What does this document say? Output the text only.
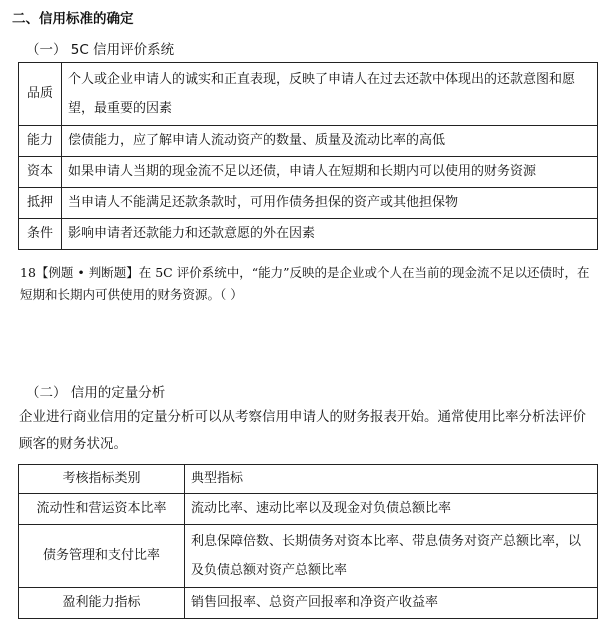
二、信用标准的确定
（一） 5C 信用评价系统
品质	个人或企业申请人的诚实和正直表现，反映了申请人在过去还款中体现出的还款意图和愿望，最重要的因素
能力	偿债能力，应了解申请人流动资产的数量、质量及流动比率的高低
资本	如果申请人当期的现金流不足以还债，申请人在短期和长期内可以使用的财务资源
抵押	当申请人不能满足还款条款时，可用作债务担保的资产或其他担保物
条件	影响申请者还款能力和还款意愿的外在因素
18【例题 • 判断题】在 5C 评价系统中，“能力”反映的是企业或个人在当前的现金流不足以还债时，在短期和长期内可供使用的财务资源。（ ）
（二） 信用的定量分析
企业进行商业信用的定量分析可以从考察信用申请人的财务报表开始。通常使用比率分析法评价顾客的财务状况。
考核指标类别	典型指标
流动性和营运资本比率	流动比率、速动比率以及现金对负债总额比率
债务管理和支付比率	利息保障倍数、长期债务对资本比率、带息债务对资产总额比率，以及负债总额对资产总额比率
盈利能力指标	销售回报率、总资产回报率和净资产收益率
